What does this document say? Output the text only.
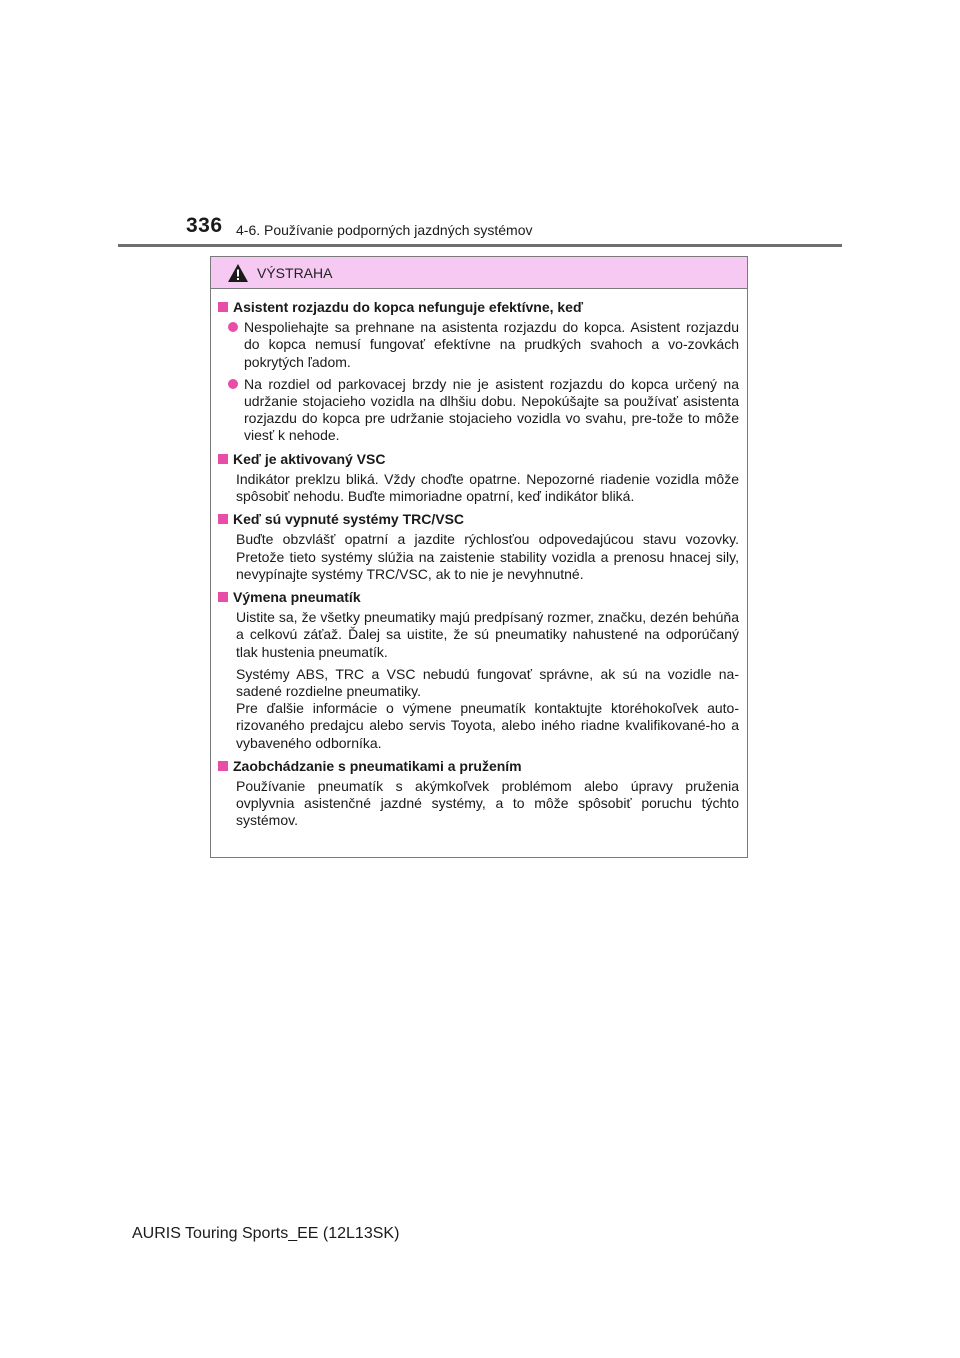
336 4-6. Používanie podporných jazdných systémov
VÝSTRAHA
Asistent rozjazdu do kopca nefunguje efektívne, keď
Nespoliehajte sa prehnane na asistenta rozjazdu do kopca. Asistent rozjazdu do kopca nemusí fungovať efektívne na prudkých svahoch a vo-zovkách pokrytých ľadom.
Na rozdiel od parkovacej brzdy nie je asistent rozjazdu do kopca určený na udržanie stojacieho vozidla na dlhšiu dobu. Nepokúšajte sa používať asistenta rozjazdu do kopca pre udržanie stojacieho vozidla vo svahu, pre-tože to môže viesť k nehode.
Keď je aktivovaný VSC
Indikátor preklzu bliká. Vždy choďte opatrne. Nepozorné riadenie vozidla môže spôsobiť nehodu. Buďte mimoriadne opatrní, keď indikátor bliká.
Keď sú vypnuté systémy TRC/VSC
Buďte obzvlášť opatrní a jazdite rýchlosťou odpovedajúcou stavu vozovky. Pretože tieto systémy slúžia na zaistenie stability vozidla a prenosu hnacej sily, nevypínajte systémy TRC/VSC, ak to nie je nevyhnutné.
Výmena pneumatík
Uistite sa, že všetky pneumatiky majú predpísaný rozmer, značku, dezén behúňa a celkovú záťaž. Ďalej sa uistite, že sú pneumatiky nahustené na odporúčaný tlak hustenia pneumatík.
Systémy ABS, TRC a VSC nebudú fungovať správne, ak sú na vozidle na-sadené rozdielne pneumatiky.
Pre ďalšie informácie o výmene pneumatík kontaktujte ktoréhokoľvek auto-rizovaného predajcu alebo servis Toyota, alebo iného riadne kvalifikované-ho a vybaveného odborníka.
Zaobchádzanie s pneumatikami a pružením
Používanie pneumatík s akýmkoľvek problémom alebo úpravy pruženia ovplyvnia asistenčné jazdné systémy, a to môže spôsobiť poruchu týchto systémov.
AURIS Touring Sports_EE (12L13SK)
